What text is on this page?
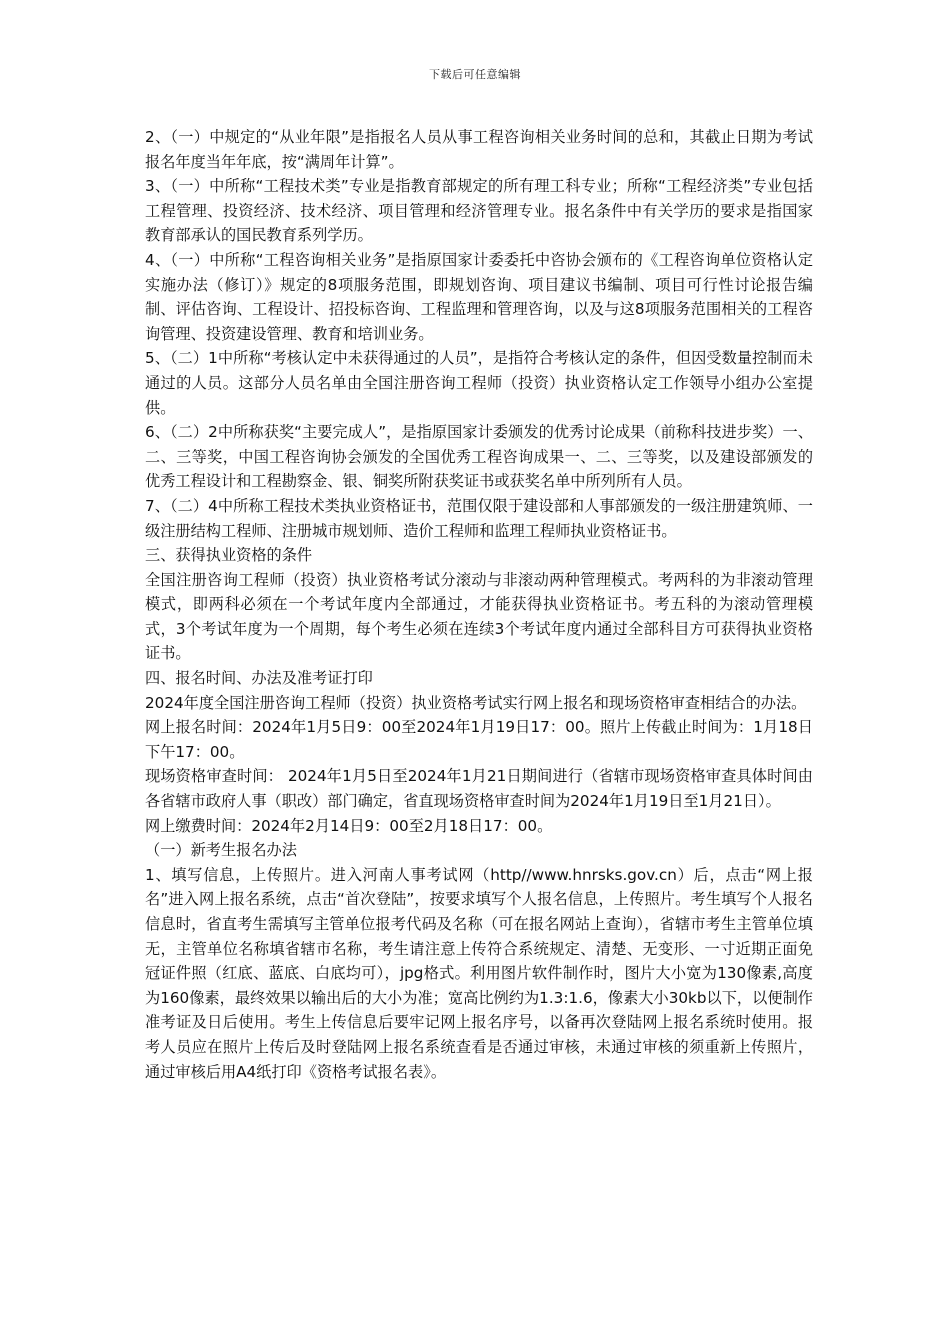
下载后可任意编辑

2、（一）中规定的“从业年限”是指报名人员从事工程咨询相关业务时间的总和，其截止日期为考试报名年度当年年底，按“满周年计算”。

3、（一）中所称“工程技术类”专业是指教育部规定的所有理工科专业；所称“工程经济类”专业包括工程管理、投资经济、技术经济、项目管理和经济管理专业。报名条件中有关学历的要求是指国家教育部承认的国民教育系列学历。

4、（一）中所称“工程咨询相关业务”是指原国家计委委托中咨协会颁布的《工程咨询单位资格认定实施办法（修订）》规定的8项服务范围，即规划咨询、项目建议书编制、项目可行性讨论报告编制、评估咨询、工程设计、招投标咨询、工程监理和管理咨询，以及与这8项服务范围相关的工程咨询管理、投资建设管理、教育和培训业务。

5、（二）1中所称“考核认定中未获得通过的人员”，是指符合考核认定的条件，但因受数量控制而未通过的人员。这部分人员名单由全国注册咨询工程师（投资）执业资格认定工作领导小组办公室提供。

6、（二）2中所称获奖“主要完成人”，是指原国家计委颁发的优秀讨论成果（前称科技进步奖）一、二、三等奖，中国工程咨询协会颁发的全国优秀工程咨询成果一、二、三等奖，以及建设部颁发的优秀工程设计和工程勘察金、银、铜奖所附获奖证书或获奖名单中所列所有人员。

7、（二）4中所称工程技术类执业资格证书，范围仅限于建设部和人事部颁发的一级注册建筑师、一级注册结构工程师、注册城市规划师、造价工程师和监理工程师执业资格证书。

三、获得执业资格的条件

全国注册咨询工程师（投资）执业资格考试分滚动与非滚动两种管理模式。考两科的为非滚动管理模式，即两科必须在一个考试年度内全部通过，才能获得执业资格证书。考五科的为滚动管理模式，3个考试年度为一个周期，每个考生必须在连续3个考试年度内通过全部科目方可获得执业资格证书。

四、报名时间、办法及准考证打印

2024年度全国注册咨询工程师（投资）执业资格考试实行网上报名和现场资格审查相结合的办法。

网上报名时间：2024年1月5日9：00至2024年1月19日17：00。照片上传截止时间为：1月18日下午17：00。

现场资格审查时间： 2024年1月5日至2024年1月21日期间进行（省辖市现场资格审查具体时间由各省辖市政府人事（职改）部门确定，省直现场资格审查时间为2024年1月19日至1月21日）。

网上缴费时间：2024年2月14日9：00至2月18日17：00。

（一）新考生报名办法

1、填写信息，上传照片。进入河南人事考试网（http//www.hnrsks.gov.cn）后，点击“网上报名”进入网上报名系统，点击“首次登陆”，按要求填写个人报名信息，上传照片。考生填写个人报名信息时，省直考生需填写主管单位报考代码及名称（可在报名网站上查询），省辖市考生主管单位填无，主管单位名称填省辖市名称，考生请注意上传符合系统规定、清楚、无变形、一寸近期正面免冠证件照（红底、蓝底、白底均可），jpg格式。利用图片软件制作时，图片大小宽为130像素,高度为160像素，最终效果以输出后的大小为准；宽高比例约为1.3:1.6，像素大小30kb以下，以便制作准考证及日后使用。考生上传信息后要牢记网上报名序号，以备再次登陆网上报名系统时使用。报考人员应在照片上传后及时登陆网上报名系统查看是否通过审核，未通过审核的须重新上传照片，通过审核后用A4纸打印《资格考试报名表》。
